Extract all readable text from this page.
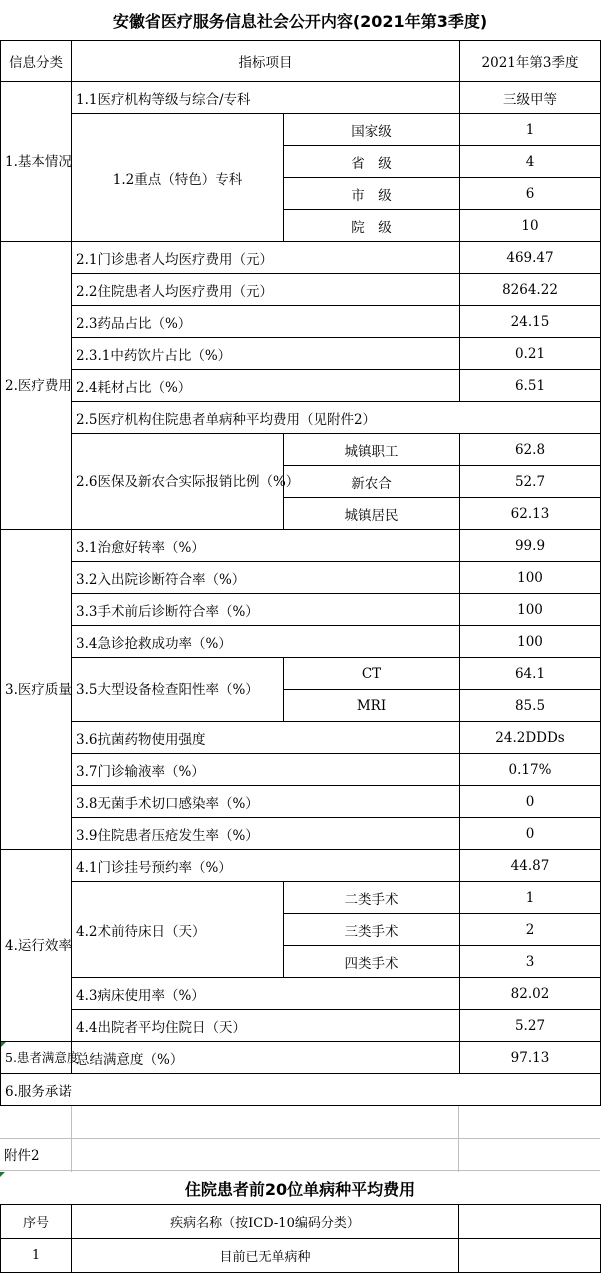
安徽省医疗服务信息社会公开内容(2021年第3季度)
信息分类	指标项目		2021年第3季度
1.基本情况	1.1医疗机构等级与综合/专科		三级甲等
	1.2重点（特色）专科	国家级	1
		省　级	4
		市　级	6
		院　级	10
2.医疗费用	2.1门诊患者人均医疗费用（元）		469.47
	2.2住院患者人均医疗费用（元）		8264.22
	2.3药品占比（%）		24.15
	2.3.1中药饮片占比（%）		0.21
	2.4耗材占比（%）		6.51
	2.5医疗机构住院患者单病种平均费用（见附件2）		
	2.6医保及新农合实际报销比例（%）	城镇职工	62.8
		新农合	52.7
		城镇居民	62.13
3.医疗质量	3.1治愈好转率（%）		99.9
	3.2入出院诊断符合率（%）		100
	3.3手术前后诊断符合率（%）		100
	3.4急诊抢救成功率（%）		100
	3.5大型设备检查阳性率（%）	CT	64.1
		MRI	85.5
	3.6抗菌药物使用强度		24.2DDDs
	3.7门诊输液率（%）		0.17%
	3.8无菌手术切口感染率（%）		0
	3.9住院患者压疮发生率（%）		0
4.运行效率	4.1门诊挂号预约率（%）		44.87
	4.2术前待床日（天）	二类手术	1
		三类手术	2
		四类手术	3
	4.3病床使用率（%）		82.02
	4.4出院者平均住院日（天）		5.27
5.患者满意度	总结满意度（%）		97.13
6.服务承诺			
附件2
住院患者前20位单病种平均费用
序号	疾病名称（按ICD-10编码分类）	
1	目前已无单病种	
